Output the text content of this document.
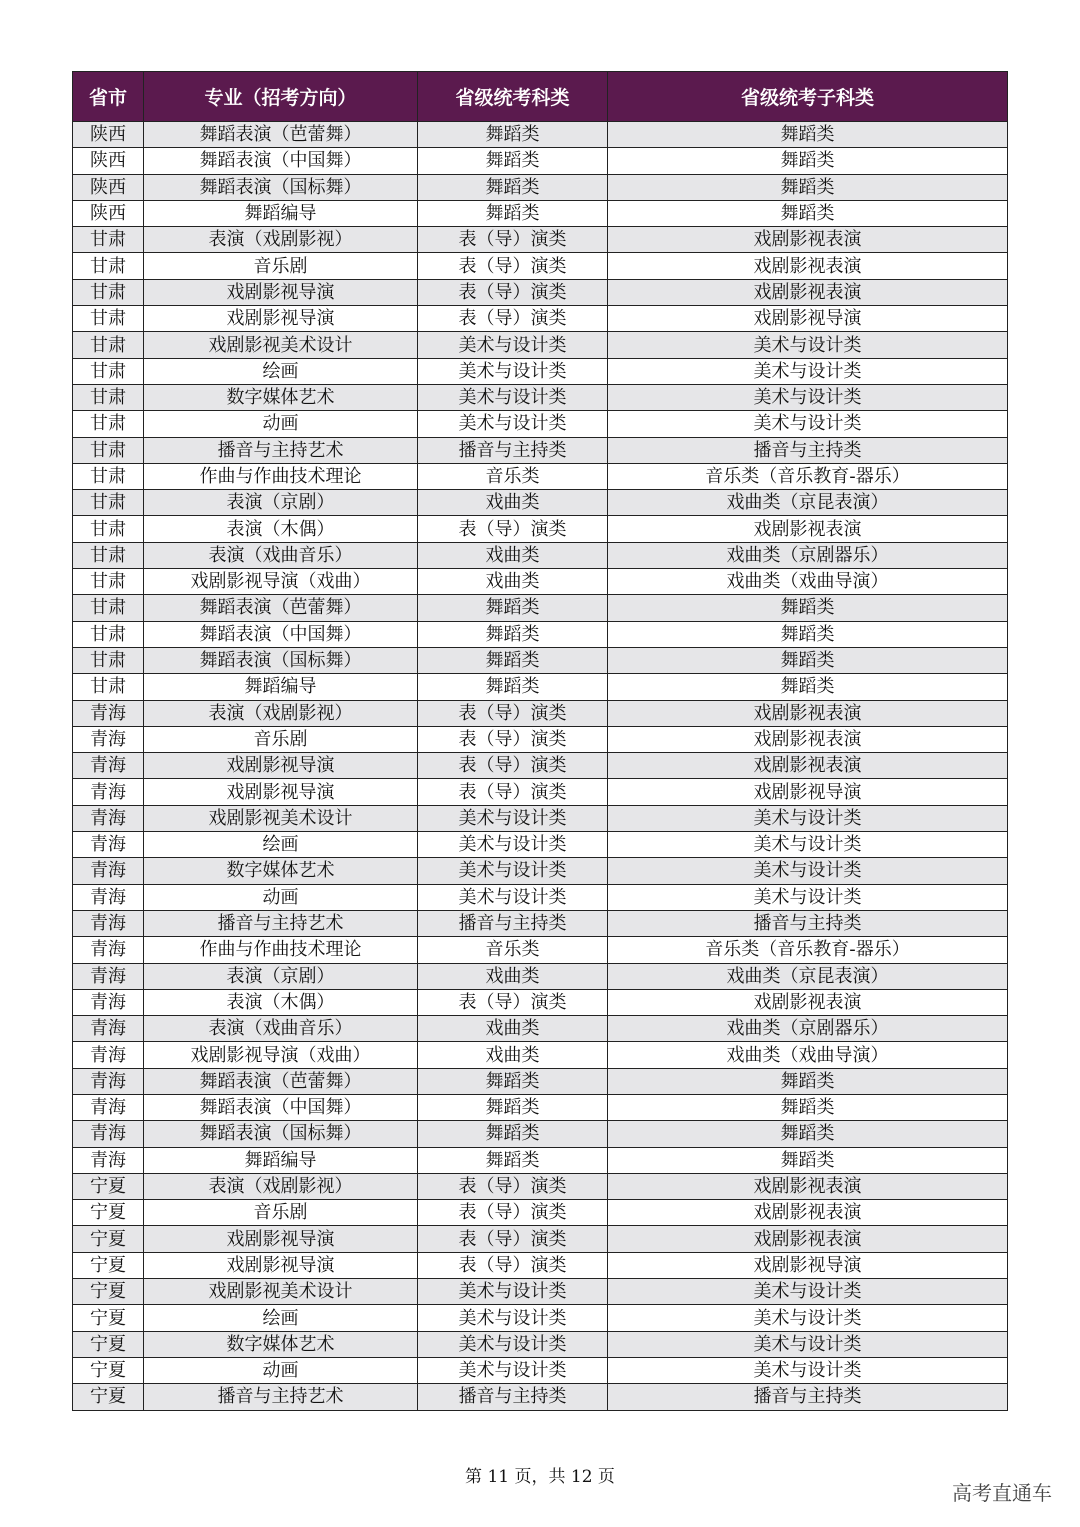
省市	专业（招考方向）	省级统考科类	省级统考子科类
陕西	舞蹈表演（芭蕾舞）	舞蹈类	舞蹈类
陕西	舞蹈表演（中国舞）	舞蹈类	舞蹈类
陕西	舞蹈表演（国标舞）	舞蹈类	舞蹈类
陕西	舞蹈编导	舞蹈类	舞蹈类
甘肃	表演（戏剧影视）	表（导）演类	戏剧影视表演
甘肃	音乐剧	表（导）演类	戏剧影视表演
甘肃	戏剧影视导演	表（导）演类	戏剧影视表演
甘肃	戏剧影视导演	表（导）演类	戏剧影视导演
甘肃	戏剧影视美术设计	美术与设计类	美术与设计类
甘肃	绘画	美术与设计类	美术与设计类
甘肃	数字媒体艺术	美术与设计类	美术与设计类
甘肃	动画	美术与设计类	美术与设计类
甘肃	播音与主持艺术	播音与主持类	播音与主持类
甘肃	作曲与作曲技术理论	音乐类	音乐类（音乐教育-器乐）
甘肃	表演（京剧）	戏曲类	戏曲类（京昆表演）
甘肃	表演（木偶）	表（导）演类	戏剧影视表演
甘肃	表演（戏曲音乐）	戏曲类	戏曲类（京剧器乐）
甘肃	戏剧影视导演（戏曲）	戏曲类	戏曲类（戏曲导演）
甘肃	舞蹈表演（芭蕾舞）	舞蹈类	舞蹈类
甘肃	舞蹈表演（中国舞）	舞蹈类	舞蹈类
甘肃	舞蹈表演（国标舞）	舞蹈类	舞蹈类
甘肃	舞蹈编导	舞蹈类	舞蹈类
青海	表演（戏剧影视）	表（导）演类	戏剧影视表演
青海	音乐剧	表（导）演类	戏剧影视表演
青海	戏剧影视导演	表（导）演类	戏剧影视表演
青海	戏剧影视导演	表（导）演类	戏剧影视导演
青海	戏剧影视美术设计	美术与设计类	美术与设计类
青海	绘画	美术与设计类	美术与设计类
青海	数字媒体艺术	美术与设计类	美术与设计类
青海	动画	美术与设计类	美术与设计类
青海	播音与主持艺术	播音与主持类	播音与主持类
青海	作曲与作曲技术理论	音乐类	音乐类（音乐教育-器乐）
青海	表演（京剧）	戏曲类	戏曲类（京昆表演）
青海	表演（木偶）	表（导）演类	戏剧影视表演
青海	表演（戏曲音乐）	戏曲类	戏曲类（京剧器乐）
青海	戏剧影视导演（戏曲）	戏曲类	戏曲类（戏曲导演）
青海	舞蹈表演（芭蕾舞）	舞蹈类	舞蹈类
青海	舞蹈表演（中国舞）	舞蹈类	舞蹈类
青海	舞蹈表演（国标舞）	舞蹈类	舞蹈类
青海	舞蹈编导	舞蹈类	舞蹈类
宁夏	表演（戏剧影视）	表（导）演类	戏剧影视表演
宁夏	音乐剧	表（导）演类	戏剧影视表演
宁夏	戏剧影视导演	表（导）演类	戏剧影视表演
宁夏	戏剧影视导演	表（导）演类	戏剧影视导演
宁夏	戏剧影视美术设计	美术与设计类	美术与设计类
宁夏	绘画	美术与设计类	美术与设计类
宁夏	数字媒体艺术	美术与设计类	美术与设计类
宁夏	动画	美术与设计类	美术与设计类
宁夏	播音与主持艺术	播音与主持类	播音与主持类
第 11 页，共 12 页
高考直通车
